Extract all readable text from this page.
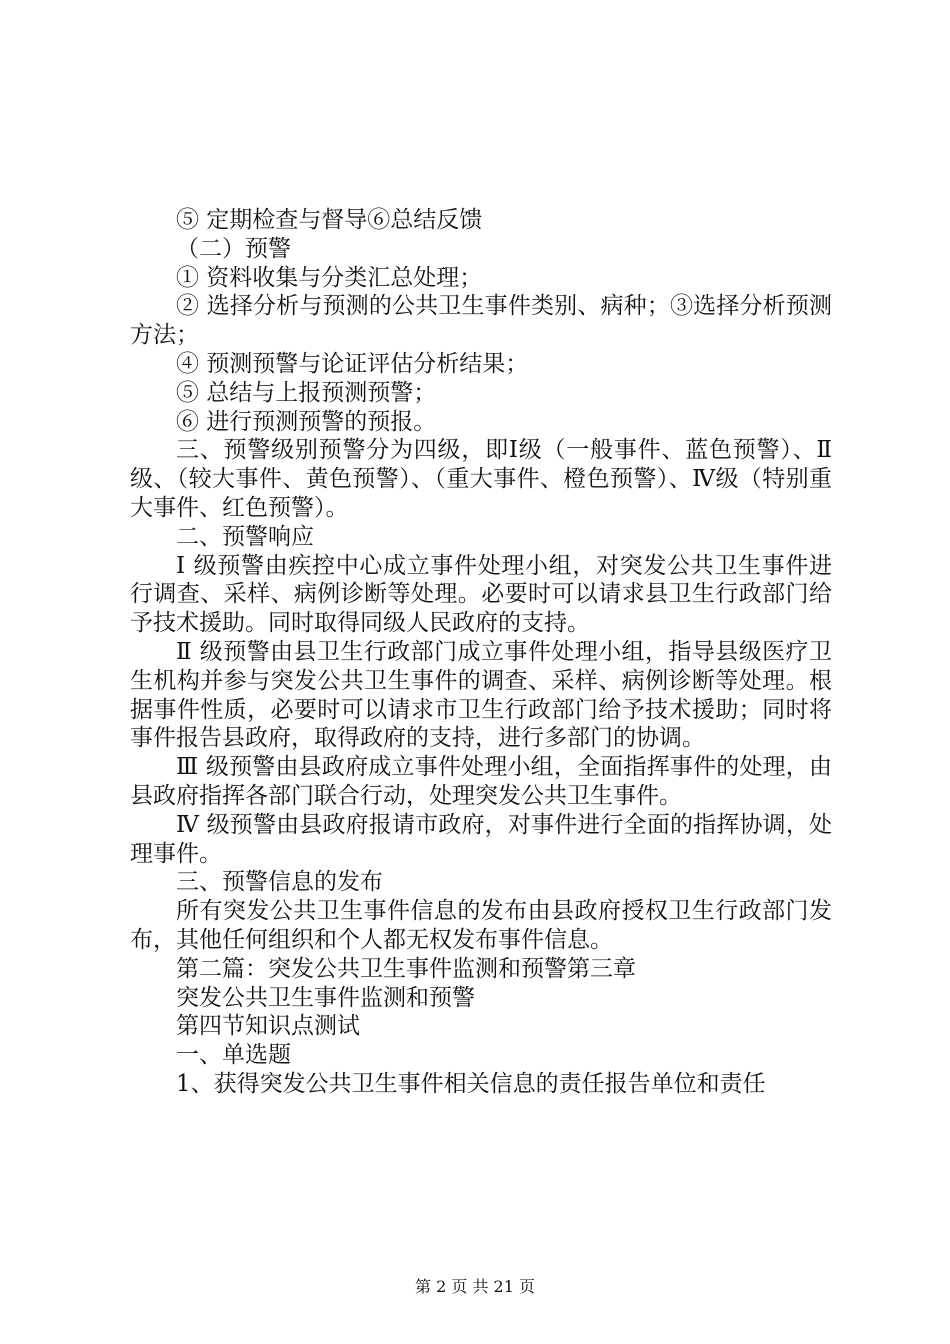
⑤ 定期检查与督导⑥总结反馈

（二）预警

① 资料收集与分类汇总处理；

② 选择分析与预测的公共卫生事件类别、病种；③选择分析预测方法；

④ 预测预警与论证评估分析结果；

⑤ 总结与上报预测预警；

⑥ 进行预测预警的预报。

三、预警级别预警分为四级，即Ⅰ级（一般事件、蓝色预警）、Ⅱ级、（较大事件、黄色预警）、（重大事件、橙色预警）、Ⅳ级（特别重大事件、红色预警）。

二、预警响应

Ⅰ 级预警由疾控中心成立事件处理小组，对突发公共卫生事件进行调查、采样、病例诊断等处理。必要时可以请求县卫生行政部门给予技术援助。同时取得同级人民政府的支持。

Ⅱ 级预警由县卫生行政部门成立事件处理小组，指导县级医疗卫生机构并参与突发公共卫生事件的调查、采样、病例诊断等处理。根据事件性质，必要时可以请求市卫生行政部门给予技术援助；同时将事件报告县政府，取得政府的支持，进行多部门的协调。

Ⅲ 级预警由县政府成立事件处理小组，全面指挥事件的处理，由县政府指挥各部门联合行动，处理突发公共卫生事件。

Ⅳ 级预警由县政府报请市政府，对事件进行全面的指挥协调，处理事件。

三、预警信息的发布

所有突发公共卫生事件信息的发布由县政府授权卫生行政部门发布，其他任何组织和个人都无权发布事件信息。

第二篇：突发公共卫生事件监测和预警第三章

突发公共卫生事件监测和预警

第四节知识点测试

一、单选题

1、获得突发公共卫生事件相关信息的责任报告单位和责任

第 2 页 共 21 页
